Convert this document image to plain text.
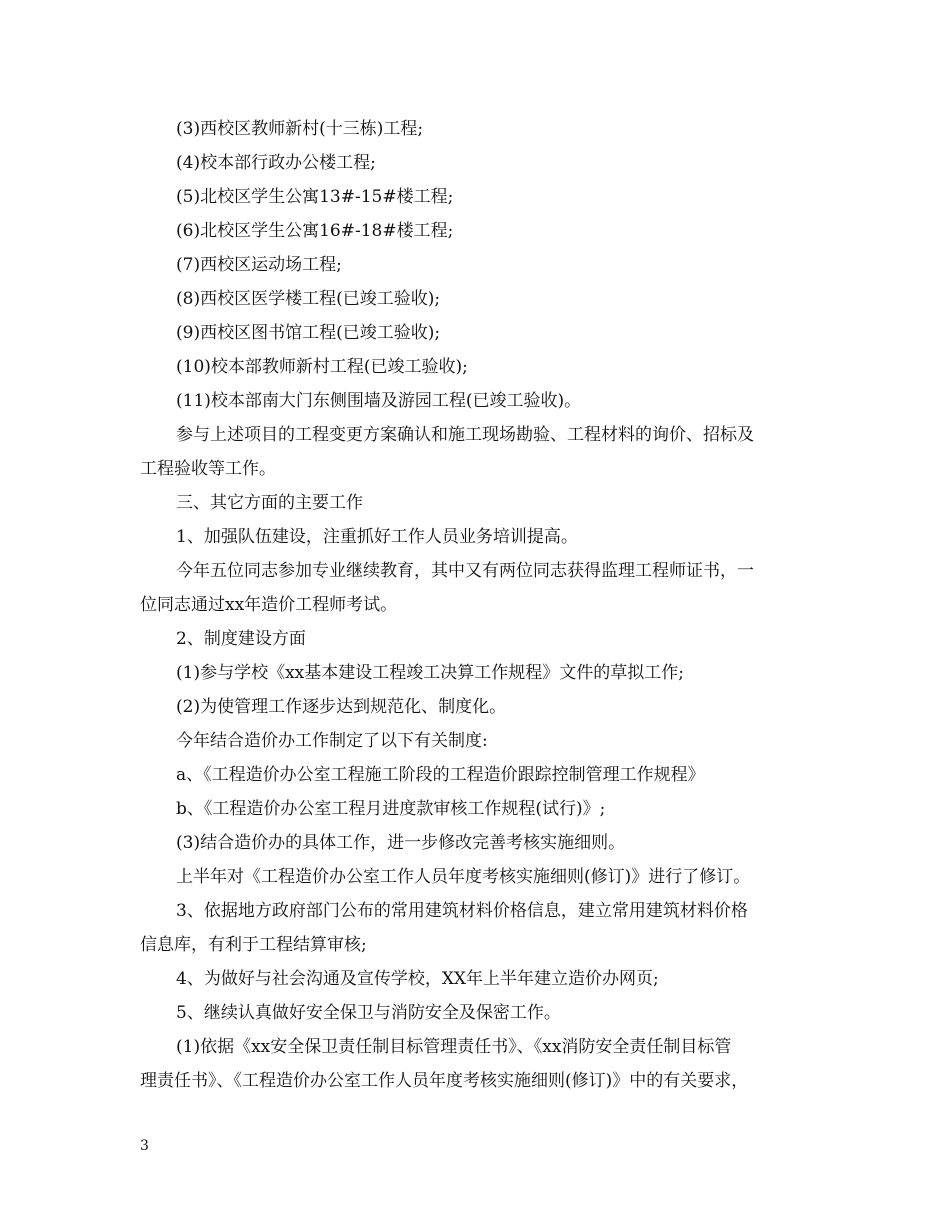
(3)西校区教师新村(十三栋)工程;
(4)校本部行政办公楼工程;
(5)北校区学生公寓13#-15#楼工程;
(6)北校区学生公寓16#-18#楼工程;
(7)西校区运动场工程;
(8)西校区医学楼工程(已竣工验收);
(9)西校区图书馆工程(已竣工验收);
(10)校本部教师新村工程(已竣工验收);
(11)校本部南大门东侧围墙及游园工程(已竣工验收)。
参与上述项目的工程变更方案确认和施工现场勘验、工程材料的询价、招标及
工程验收等工作。
三、其它方面的主要工作
1、加强队伍建设，注重抓好工作人员业务培训提高。
今年五位同志参加专业继续教育，其中又有两位同志获得监理工程师证书，一
位同志通过xx年造价工程师考试。
2、制度建设方面
(1)参与学校《xx基本建设工程竣工决算工作规程》文件的草拟工作;
(2)为使管理工作逐步达到规范化、制度化。
今年结合造价办工作制定了以下有关制度:
a、《工程造价办公室工程施工阶段的工程造价跟踪控制管理工作规程》
b、《工程造价办公室工程月进度款审核工作规程(试行)》;
(3)结合造价办的具体工作，进一步修改完善考核实施细则。
上半年对《工程造价办公室工作人员年度考核实施细则(修订)》进行了修订。
3、依据地方政府部门公布的常用建筑材料价格信息，建立常用建筑材料价格
信息库，有利于工程结算审核;
4、为做好与社会沟通及宣传学校，XX年上半年建立造价办网页;
5、继续认真做好安全保卫与消防安全及保密工作。
(1)依据《xx安全保卫责任制目标管理责任书》、《xx消防安全责任制目标管
理责任书》、《工程造价办公室工作人员年度考核实施细则(修订)》中的有关要求，
3
